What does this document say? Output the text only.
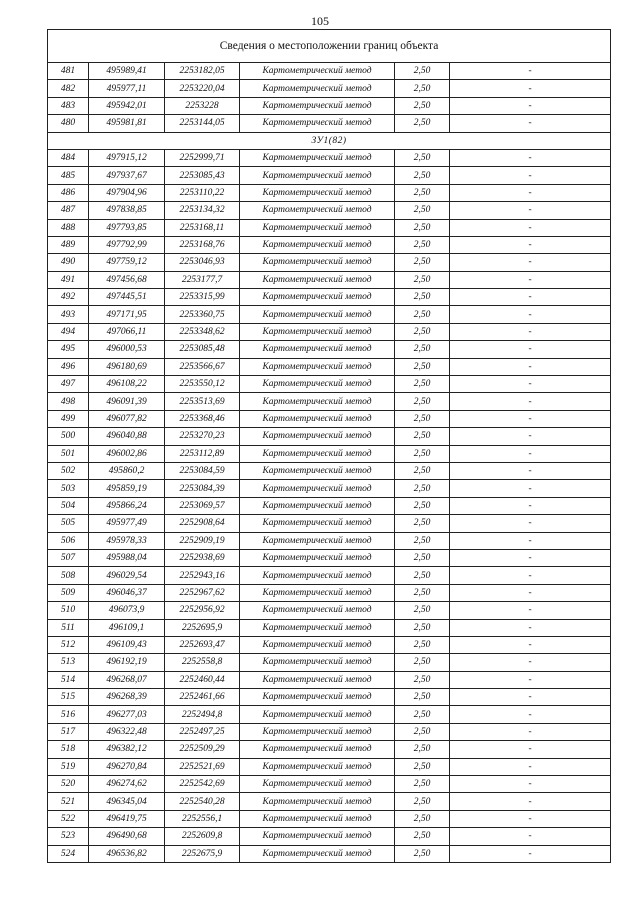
105
Сведения о местоположении границ объекта					
481	495989,41	2253182,05	Картометрический метод	2,50	-
482	495977,11	2253220,04	Картометрический метод	2,50	-
483	495942,01	2253228	Картометрический метод	2,50	-
480	495981,81	2253144,05	Картометрический метод	2,50	-
ЗУ1(82)					
484	497915,12	2252999,71	Картометрический метод	2,50	-
485	497937,67	2253085,43	Картометрический метод	2,50	-
486	497904,96	2253110,22	Картометрический метод	2,50	-
487	497838,85	2253134,32	Картометрический метод	2,50	-
488	497793,85	2253168,11	Картометрический метод	2,50	-
489	497792,99	2253168,76	Картометрический метод	2,50	-
490	497759,12	2253046,93	Картометрический метод	2,50	-
491	497456,68	2253177,7	Картометрический метод	2,50	-
492	497445,51	2253315,99	Картометрический метод	2,50	-
493	497171,95	2253360,75	Картометрический метод	2,50	-
494	497066,11	2253348,62	Картометрический метод	2,50	-
495	496000,53	2253085,48	Картометрический метод	2,50	-
496	496180,69	2253566,67	Картометрический метод	2,50	-
497	496108,22	2253550,12	Картометрический метод	2,50	-
498	496091,39	2253513,69	Картометрический метод	2,50	-
499	496077,82	2253368,46	Картометрический метод	2,50	-
500	496040,88	2253270,23	Картометрический метод	2,50	-
501	496002,86	2253112,89	Картометрический метод	2,50	-
502	495860,2	2253084,59	Картометрический метод	2,50	-
503	495859,19	2253084,39	Картометрический метод	2,50	-
504	495866,24	2253069,57	Картометрический метод	2,50	-
505	495977,49	2252908,64	Картометрический метод	2,50	-
506	495978,33	2252909,19	Картометрический метод	2,50	-
507	495988,04	2252938,69	Картометрический метод	2,50	-
508	496029,54	2252943,16	Картометрический метод	2,50	-
509	496046,37	2252967,62	Картометрический метод	2,50	-
510	496073,9	2252956,92	Картометрический метод	2,50	-
511	496109,1	2252695,9	Картометрический метод	2,50	-
512	496109,43	2252693,47	Картометрический метод	2,50	-
513	496192,19	2252558,8	Картометрический метод	2,50	-
514	496268,07	2252460,44	Картометрический метод	2,50	-
515	496268,39	2252461,66	Картометрический метод	2,50	-
516	496277,03	2252494,8	Картометрический метод	2,50	-
517	496322,48	2252497,25	Картометрический метод	2,50	-
518	496382,12	2252509,29	Картометрический метод	2,50	-
519	496270,84	2252521,69	Картометрический метод	2,50	-
520	496274,62	2252542,69	Картометрический метод	2,50	-
521	496345,04	2252540,28	Картометрический метод	2,50	-
522	496419,75	2252556,1	Картометрический метод	2,50	-
523	496490,68	2252609,8	Картометрический метод	2,50	-
524	496536,82	2252675,9	Картометрический метод	2,50	-
